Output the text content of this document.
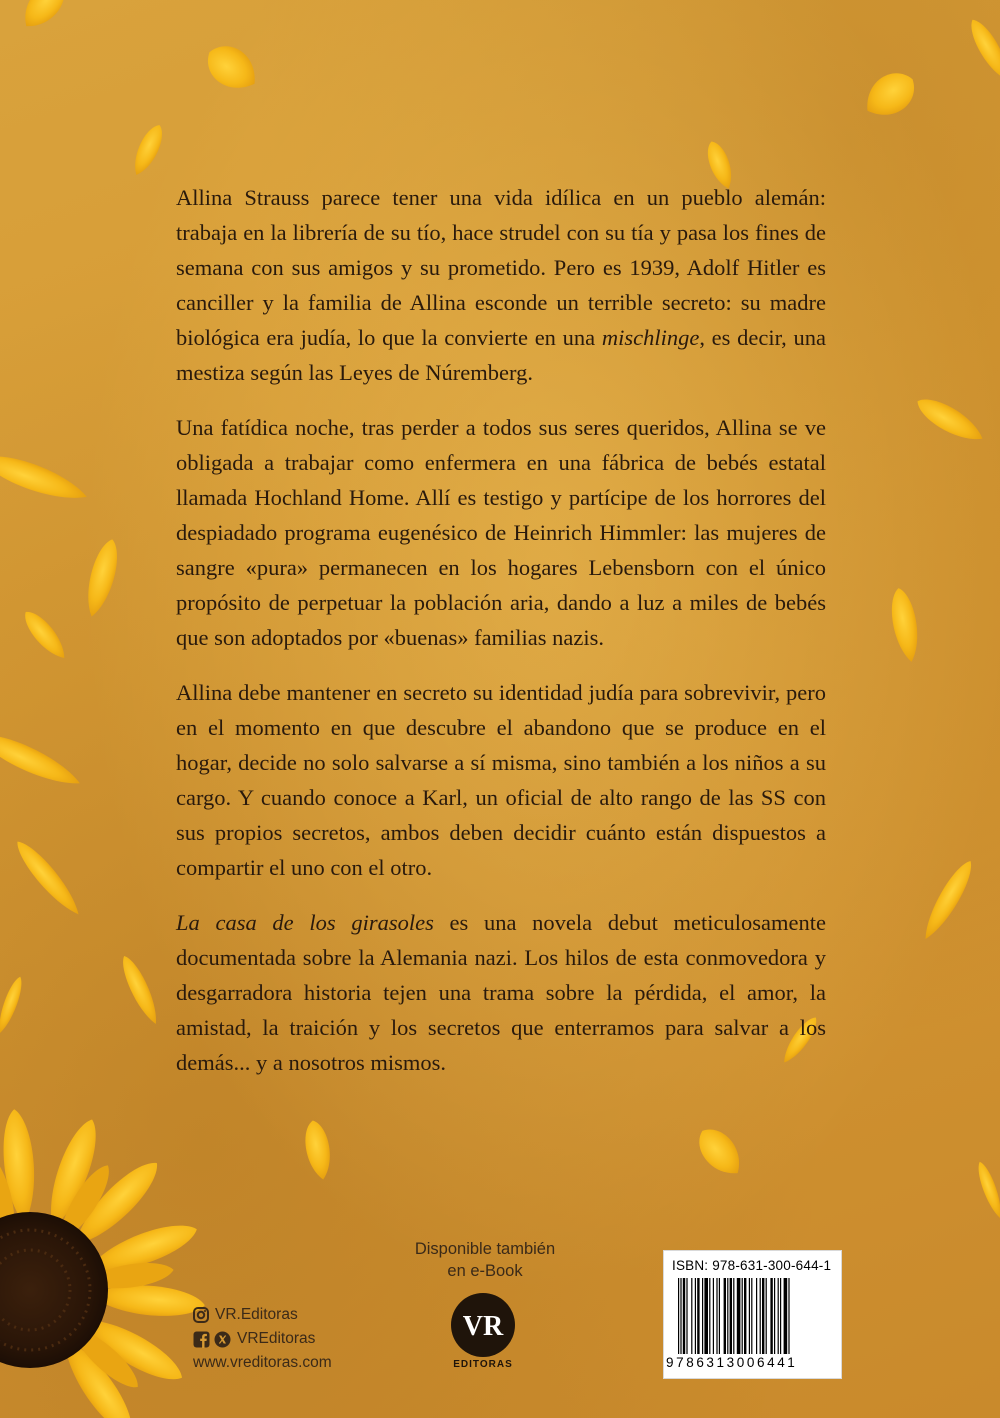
Allina Strauss parece tener una vida idílica en un pueblo alemán: trabaja en la librería de su tío, hace strudel con su tía y pasa los fines de semana con sus amigos y su prometido. Pero es 1939, Adolf Hitler es canciller y la familia de Allina esconde un terrible secreto: su madre biológica era judía, lo que la convierte en una mischlinge, es decir, una mestiza según las Leyes de Núremberg.

Una fatídica noche, tras perder a todos sus seres queridos, Allina se ve obligada a trabajar como enfermera en una fábrica de bebés estatal llamada Hochland Home. Allí es testigo y partícipe de los horrores del despiadado programa eugenésico de Heinrich Himmler: las mujeres de sangre «pura» permanecen en los hogares Lebensborn con el único propósito de perpetuar la población aria, dando a luz a miles de bebés que son adoptados por «buenas» familias nazis.

Allina debe mantener en secreto su identidad judía para sobrevivir, pero en el momento en que descubre el abandono que se produce en el hogar, decide no solo salvarse a sí misma, sino también a los niños a su cargo. Y cuando conoce a Karl, un oficial de alto rango de las SS con sus propios secretos, ambos deben decidir cuánto están dispuestos a compartir el uno con el otro.

La casa de los girasoles es una novela debut meticulosamente documentada sobre la Alemania nazi. Los hilos de esta conmovedora y desgarradora historia tejen una trama sobre la pérdida, el amor, la amistad, la traición y los secretos que enterramos para salvar a los demás... y a nosotros mismos.

Disponible también
en e-Book
VR.Editoras
VREditoras
www.vreditoras.com
VR
EDITORAS
ISBN: 978-631-300-644-1
9786313006441
